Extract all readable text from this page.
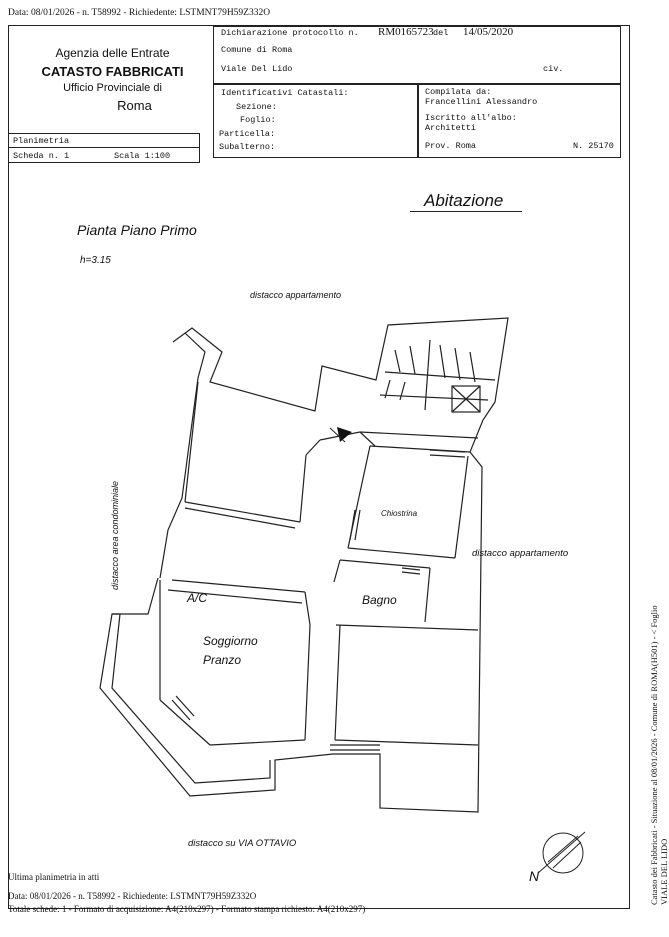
Data: 08/01/2026 - n. T58992 - Richiedente: LSTMNT79H59Z332O
Agenzia delle Entrate
CATASTO FABBRICATI
Ufficio Provinciale di
Roma
Dichiarazione protocollo n. RM0165723 del 14/05/2020
Comune di Roma
Viale Del Lido	civ.
Identificativi Catastali:
Sezione:
Foglio:
Particella:
Subalterno:
Compilata da:
Francellini Alessandro
Iscritto all'albo:
Architetti
Prov. Roma	N. 25170
Planimetria
Scheda n. 1	Scala 1:100
Abitazione
Pianta Piano Primo
h=3.15
distacco appartamento
distacco area condominiale	distacco appartamento
distacco su VIA OTTAVIO
Chiostrina
A/C	Bagno
Soggiorno
Pranzo
N	Catasto dei Fabbricati - Situazione al 08/01/2026 - Comune di ROMA(H501) - < Foglio VIALE DEL LIDO
Ultima planimetria in atti
Data: 08/01/2026 - n. T58992 - Richiedente: LSTMNT79H59Z332O
Totale schede: 1 - Formato di acquisizione: A4(210x297) - Formato stampa richiesto: A4(210x297)
